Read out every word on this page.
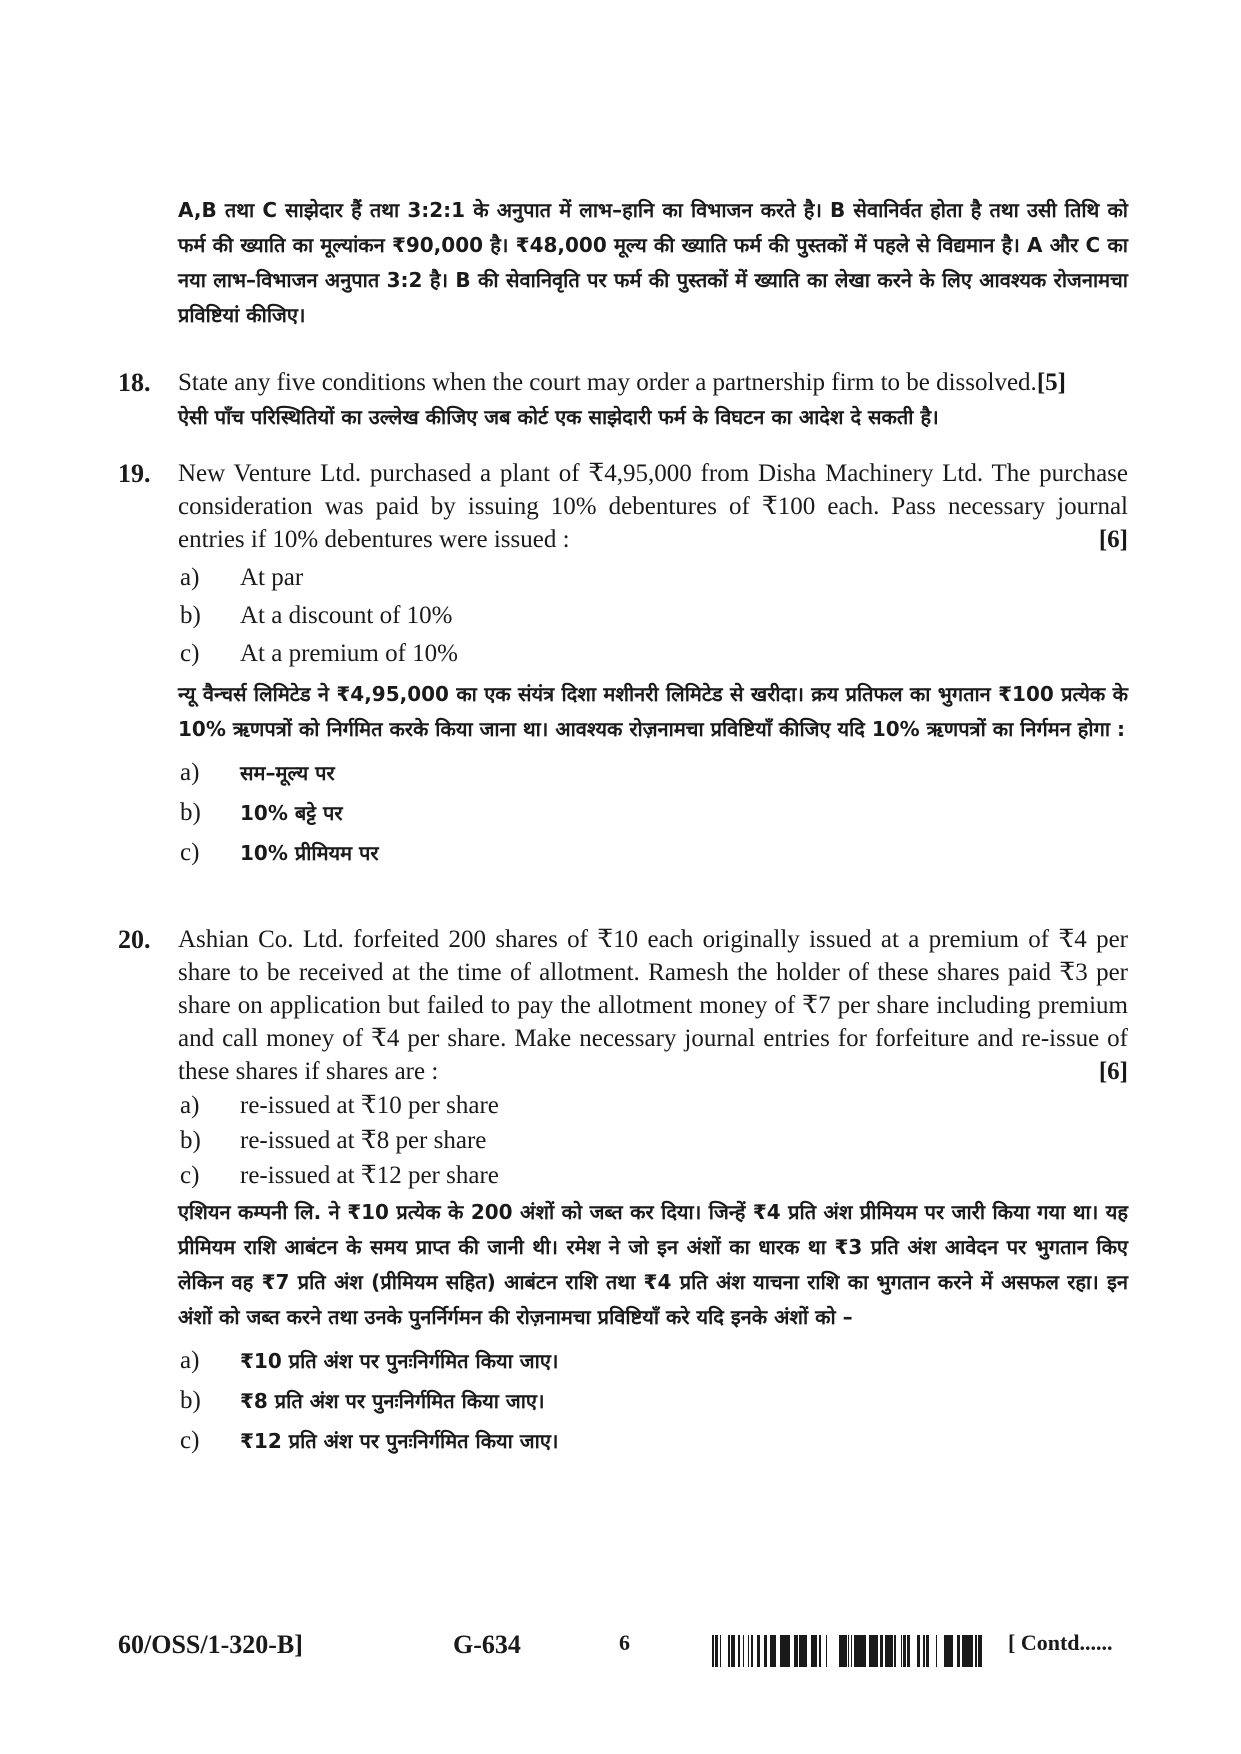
A,B तथा C साझेदार हैं तथा 3:2:1 के अनुपात में लाभ–हानि का विभाजन करते है। B सेवानिर्वत होता है तथा उसी तिथि को फर्म की ख्याति का मूल्यांकन ₹90,000 है। ₹48,000 मूल्य की ख्याति फर्म की पुस्तकों में पहले से विद्यमान है। A और C का नया लाभ–विभाजन अनुपात 3:2 है। B की सेवानिवृति पर फर्म की पुस्तकों में ख्याति का लेखा करने के लिए आवश्यक रोजनामचा प्रविष्टियां कीजिए।

18. State any five conditions when the court may order a partnership firm to be dissolved.[5]

ऐसी पाँच परिस्थितियों का उल्लेख कीजिए जब कोर्ट एक साझेदारी फर्म के विघटन का आदेश दे सकती है।

19. New Venture Ltd. purchased a plant of ₹4,95,000 from Disha Machinery Ltd. The purchase consideration was paid by issuing 10% debentures of ₹100 each. Pass necessary journal entries if 10% debentures were issued :	[6]

a)	At par
b)	At a discount of 10%
c)	At a premium of 10%

न्यू वैन्चर्स लिमिटेड ने ₹4,95,000 का एक संयंत्र दिशा मशीनरी लिमिटेड से खरीदा। क्रय प्रतिफल का भुगतान ₹100 प्रत्येक के 10% ऋणपत्रों को निर्गमित करके किया जाना था। आवश्यक रोज़नामचा प्रविष्टियाँ कीजिए यदि 10% ऋणपत्रों का निर्गमन होगा :

a)	सम–मूल्य पर
b)	10% बट्टे पर
c)	10% प्रीमियम पर
20. Ashian Co. Ltd. forfeited 200 shares of ₹10 each originally issued at a premium of ₹4 per share to be received at the time of allotment. Ramesh the holder of these shares paid ₹3 per share on application but failed to pay the allotment money of ₹7 per share including premium and call money of ₹4 per share. Make necessary journal entries for forfeiture and re-issue of these shares if shares are :	[6]

a)	re-issued at ₹10 per share
b)	re-issued at ₹8 per share
c)	re-issued at ₹12 per share

एशियन कम्पनी लि. ने ₹10 प्रत्येक के 200 अंशों को जब्त कर दिया। जिन्हें ₹4 प्रति अंश प्रीमियम पर जारी किया गया था। यह प्रीमियम राशि आबंटन के समय प्राप्त की जानी थी। रमेश ने जो इन अंशों का धारक था ₹3 प्रति अंश आवेदन पर भुगतान किए लेकिन वह ₹7 प्रति अंश (प्रीमियम सहित) आबंटन राशि तथा ₹4 प्रति अंश याचना राशि का भुगतान करने में असफल रहा। इन अंशों को जब्त करने तथा उनके पुनर्निर्गमन की रोज़नामचा प्रविष्टियाँ करे यदि इनके अंशों को –

a)	₹10 प्रति अंश पर पुनःनिर्गमित किया जाए।
b)	₹8 प्रति अंश पर पुनःनिर्गमित किया जाए।
c)	₹12 प्रति अंश पर पुनःनिर्गमित किया जाए।
60/OSS/1-320-B]	G-634	6	[ Contd......
